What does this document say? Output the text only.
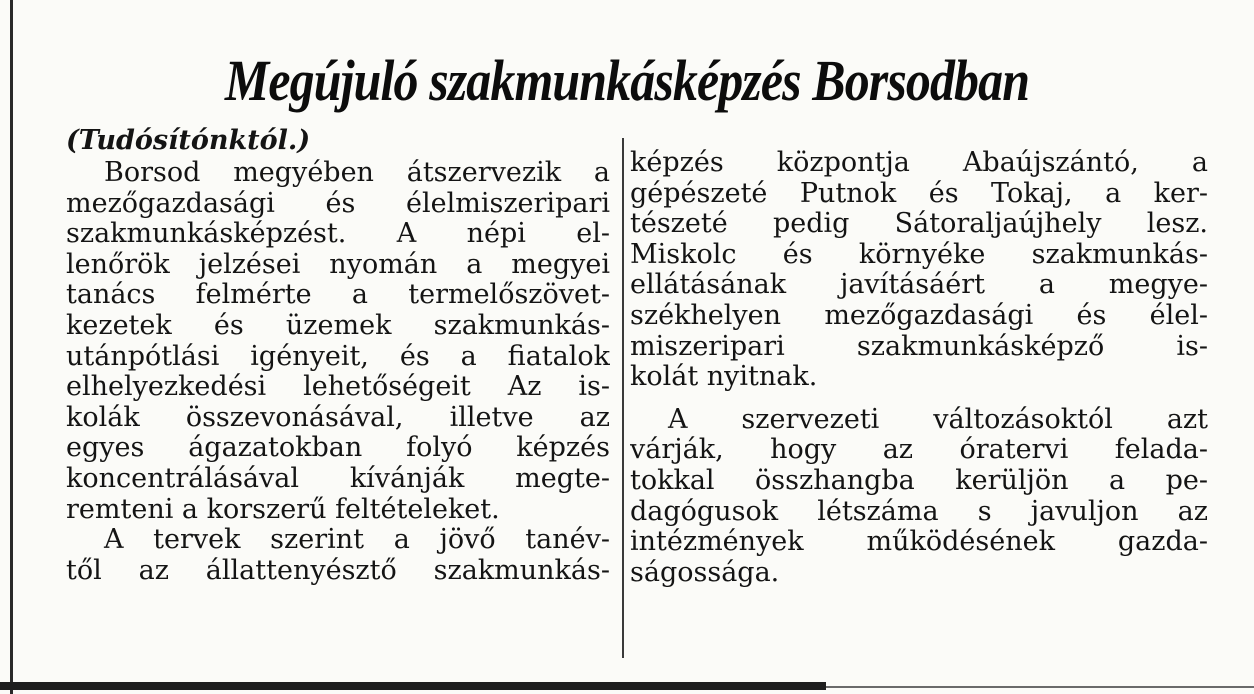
Megújuló szakmunkásképzés Borsodban
(Tudósítónktól.)
Borsod megyében átszervezik a
mezőgazdasági és élelmiszeripari
szakmunkásképzést. A népi el-
lenőrök jelzései nyomán a megyei
tanács felmérte a termelőszövet-
kezetek és üzemek szakmunkás-
utánpótlási igényeit, és a fiatalok
elhelyezkedési lehetőségeit Az is-
kolák összevonásával, illetve az
egyes ágazatokban folyó képzés
koncentrálásával kívánják megte-
remteni a korszerű feltételeket.
A tervek szerint a jövő tanév-
től az állattenyésztő szakmunkás-
képzés központja Abaújszántó, a
gépészeté Putnok és Tokaj, a ker-
tészeté pedig Sátoraljaújhely lesz.
Miskolc és környéke szakmunkás-
ellátásának javításáért a megye-
székhelyen mezőgazdasági és élel-
miszeripari szakmunkásképző is-
kolát nyitnak.
A szervezeti változásoktól azt
várják, hogy az óratervi felada-
tokkal összhangba kerüljön a pe-
dagógusok létszáma s javuljon az
intézmények működésének gazda-
ságossága.
